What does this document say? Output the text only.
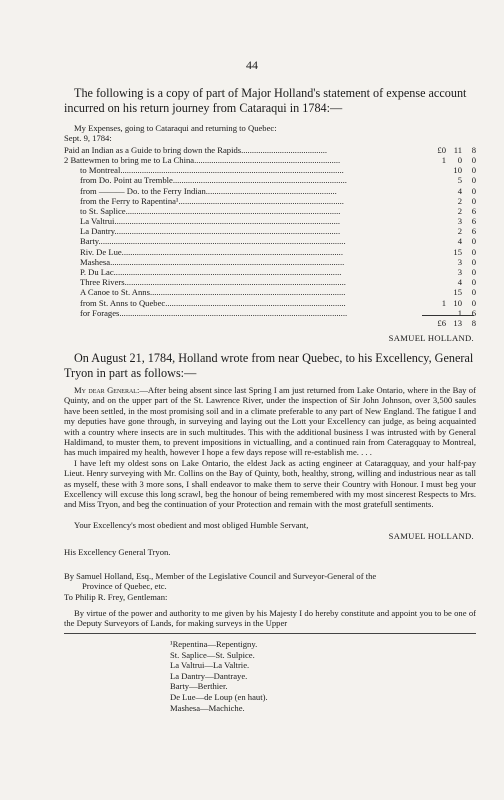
44
The following is a copy of part of Major Holland's statement of expense account incurred on his return journey from Cataraqui in 1784:—
My Expenses, going to Cataraqui and returning to Quebec:
Sept. 9, 1784:
Paid an Indian as a Guide to bring down the Rapids........................................	£0 11	8
2 Battewmen to bring me to La China....................................................................	1	0	0
to Montreal........................................................................................................	10	0
from Do. Point au Tremble.................................................................................	5	0
from ——— Do. to the Ferry Indian.............................................................	4	0
from the Ferry to Rapentina¹.............................................................................	2	0
to St. Saplice....................................................................................................	2	6
La Valtrui.........................................................................................................	3	6
La Dantry.........................................................................................................	2	6
Barty...................................................................................................................	4	0
Riv. De Lue.......................................................................................................	15	0
Mashesa.............................................................................................................	3	0
P. Du Lac..........................................................................................................	3	0
Three Rivers.......................................................................................................	4	0
A Canoe to St. Anns...........................................................................................	15	0
from St. Anns to Quebec....................................................................................	1 10	0
for Forages..........................................................................................................	1	6
£6 13	8
SAMUEL HOLLAND.
On August 21, 1784, Holland wrote from near Quebec, to his Excellency, General Tryon in part as follows:—

My dear General:—After being absent since last Spring I am just returned from Lake Ontario, where in the Bay of Quinty, and on the upper part of the St. Lawrence River, under the inspection of Sir John Johnson, over 3,500 saules have been settled, in the most promising soil and in a climate preferable to any part of New England. The fatigue I and my deputies have gone through, in surveying and laying out the Lott your Excellency can judge, as being acquainted with a country where insects are in such multitudes. This with the additional business I was intrusted with by General Haldimand, to muster them, to prevent impositions in victualling, and a continued rain from Cateragquay to Montreal, has much impaired my health, however I hope a few days repose will re-establish me. . . .

I have left my oldest sons on Lake Ontario, the eldest Jack as acting engineer at Cataragquay, and your half-pay Lieut. Henry surveying with Mr. Collins on the Bay of Quinty, both, healthy, strong, willing and industrious near as tall as myself, these with 3 more sons, I shall endeavor to make them to serve their Country with Honour. I must beg your Excellency will excuse this long scrawl, beg the honour of being remembered with my most sincerest Respects to Mrs. and Miss Tryon, and beg the continuation of your Protection and remain with the most gratefull sentiments.

Your Excellency's most obedient and most obliged Humble Servant,
SAMUEL HOLLAND.
His Excellency General Tryon.
By Samuel Holland, Esq., Member of the Legislative Council and Surveyor-General of the
Province of Quebec, etc.
To Philip R. Frey, Gentleman:
By virtue of the power and authority to me given by his Majesty I do hereby constitute and appoint you to be one of the Deputy Surveyors of Lands, for making surveys in the Upper
¹Repentina—Repentigny.
St. Saplice—St. Sulpice.
La Valtrui—La Valtrie.
La Dantry—Dantraye.
Barty—Berthier.
De Lue—de Loup (en haut).
Mashesa—Machiche.
